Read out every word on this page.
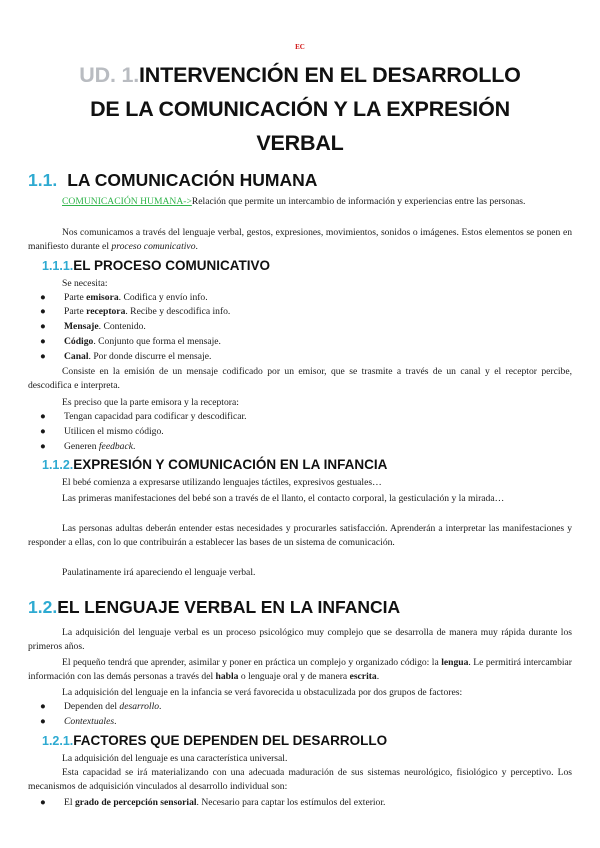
EC
UD. 1.INTERVENCIÓN EN EL DESARROLLO
DE LA COMUNICACIÓN Y LA EXPRESIÓN
VERBAL
1.1. LA COMUNICACIÓN HUMANA
COMUNICACIÓN HUMANA->Relación que permite un intercambio de información y experiencias entre las personas.
Nos comunicamos a través del lenguaje verbal, gestos, expresiones, movimientos, sonidos o imágenes. Estos elementos se ponen en manifiesto durante el proceso comunicativo.
1.1.1.EL PROCESO COMUNICATIVO
Se necesita:
● Parte emisora. Codifica y envío info.
● Parte receptora. Recibe y descodifica info.
● Mensaje. Contenido.
● Código. Conjunto que forma el mensaje.
● Canal. Por donde discurre el mensaje.
Consiste en la emisión de un mensaje codificado por un emisor, que se trasmite a través de un canal y el receptor percibe, descodifica e interpreta.
Es preciso que la parte emisora y la receptora:
● Tengan capacidad para codificar y descodificar.
● Utilicen el mismo código.
● Generen feedback.
1.1.2.EXPRESIÓN Y COMUNICACIÓN EN LA INFANCIA
El bebé comienza a expresarse utilizando lenguajes táctiles, expresivos gestuales…
Las primeras manifestaciones del bebé son a través de el llanto, el contacto corporal, la gesticulación y la mirada…
Las personas adultas deberán entender estas necesidades y procurarles satisfacción. Aprenderán a interpretar las manifestaciones y responder a ellas, con lo que contribuirán a establecer las bases de un sistema de comunicación.
Paulatinamente irá apareciendo el lenguaje verbal.
1.2.EL LENGUAJE VERBAL EN LA INFANCIA
La adquisición del lenguaje verbal es un proceso psicológico muy complejo que se desarrolla de manera muy rápida durante los primeros años.
El pequeño tendrá que aprender, asimilar y poner en práctica un complejo y organizado código: la lengua. Le permitirá intercambiar información con las demás personas a través del habla o lenguaje oral y de manera escrita.
La adquisición del lenguaje en la infancia se verá favorecida u obstaculizada por dos grupos de factores:
● Dependen del desarrollo.
● Contextuales.
1.2.1.FACTORES QUE DEPENDEN DEL DESARROLLO
La adquisición del lenguaje es una característica universal.
Esta capacidad se irá materializando con una adecuada maduración de sus sistemas neurológico, fisiológico y perceptivo. Los mecanismos de adquisición vinculados al desarrollo individual son:
● El grado de percepción sensorial. Necesario para captar los estímulos del exterior.
